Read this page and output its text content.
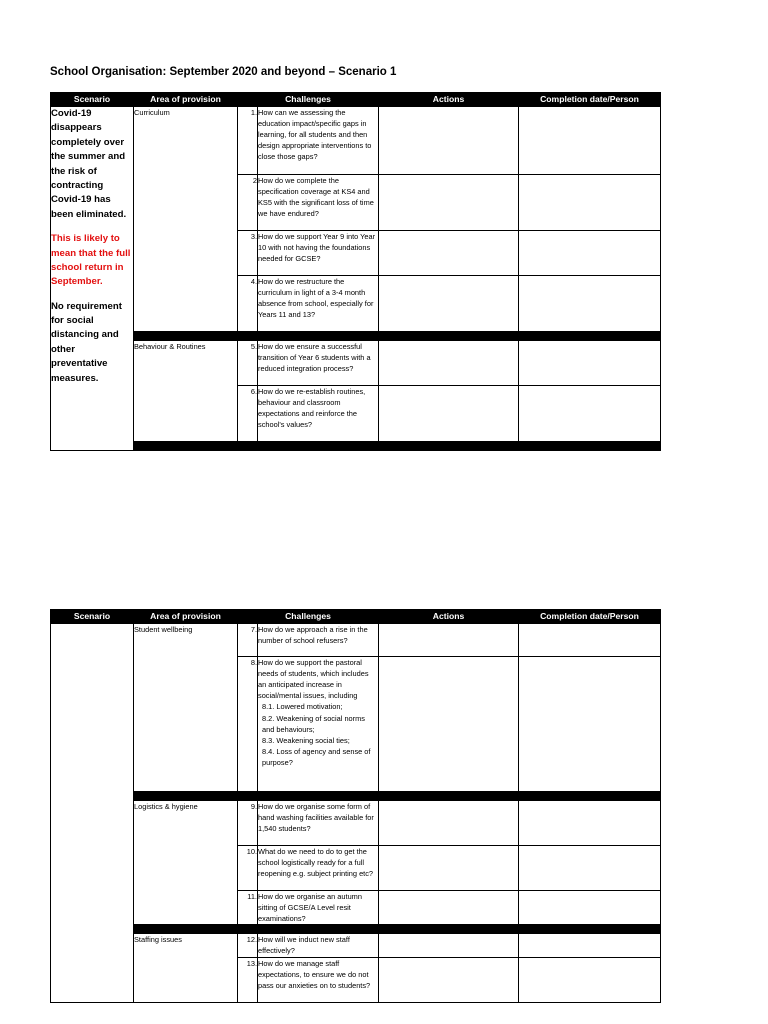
School Organisation: September 2020 and beyond – Scenario 1
Scenario	Area of provision	Challenges		Actions	Completion date/Person

Covid-19 disappears completely over the summer and the risk of contracting Covid-19 has been eliminated.

This is likely to mean that the full school return in September.

No requirement for social distancing and other preventative measures.	Curriculum	1.	How can we assessing the education impact/specific gaps in learning, for all students and then design appropriate interventions to close those gaps?		
		2	How do we complete the specification coverage at KS4 and KS5 with the significant loss of time we have endured?		
		3.	How do we support Year 9 into Year 10 with not having the foundations needed for GCSE?		
		4.	How do we restructure the curriculum in light of a 3-4 month absence from school, especially for Years 11 and 13?		

	Behaviour & Routines	5.	How do we ensure a successful transition of Year 6 students with a reduced integration process?		
		6.	How do we re-establish routines, behaviour and classroom expectations and reinforce the school's values?		

Scenario	Area of provision	Challenges		Actions	Completion date/Person
	Student wellbeing	7.	How do we approach a rise in the number of school refusers?		
		8.	How do we support the pastoral needs of students, which includes an anticipated increase in social/mental issues, including
8.1. Lowered motivation;
8.2. Weakening of social norms and behaviours;
8.3. Weakening social ties;
8.4. Loss of agency and sense of purpose?		

	Logistics & hygiene	9.	How do we organise some form of hand washing facilities available for 1,540 students?		
		10.	What do we need to do to get the school logistically ready for a full reopening e.g. subject printing etc?		
		11.	How do we organise an autumn sitting of GCSE/A Level resit examinations?		

	Staffing issues	12.	How will we induct new staff effectively?		
		13.	How do we manage staff expectations, to ensure we do not pass our anxieties on to students?		
